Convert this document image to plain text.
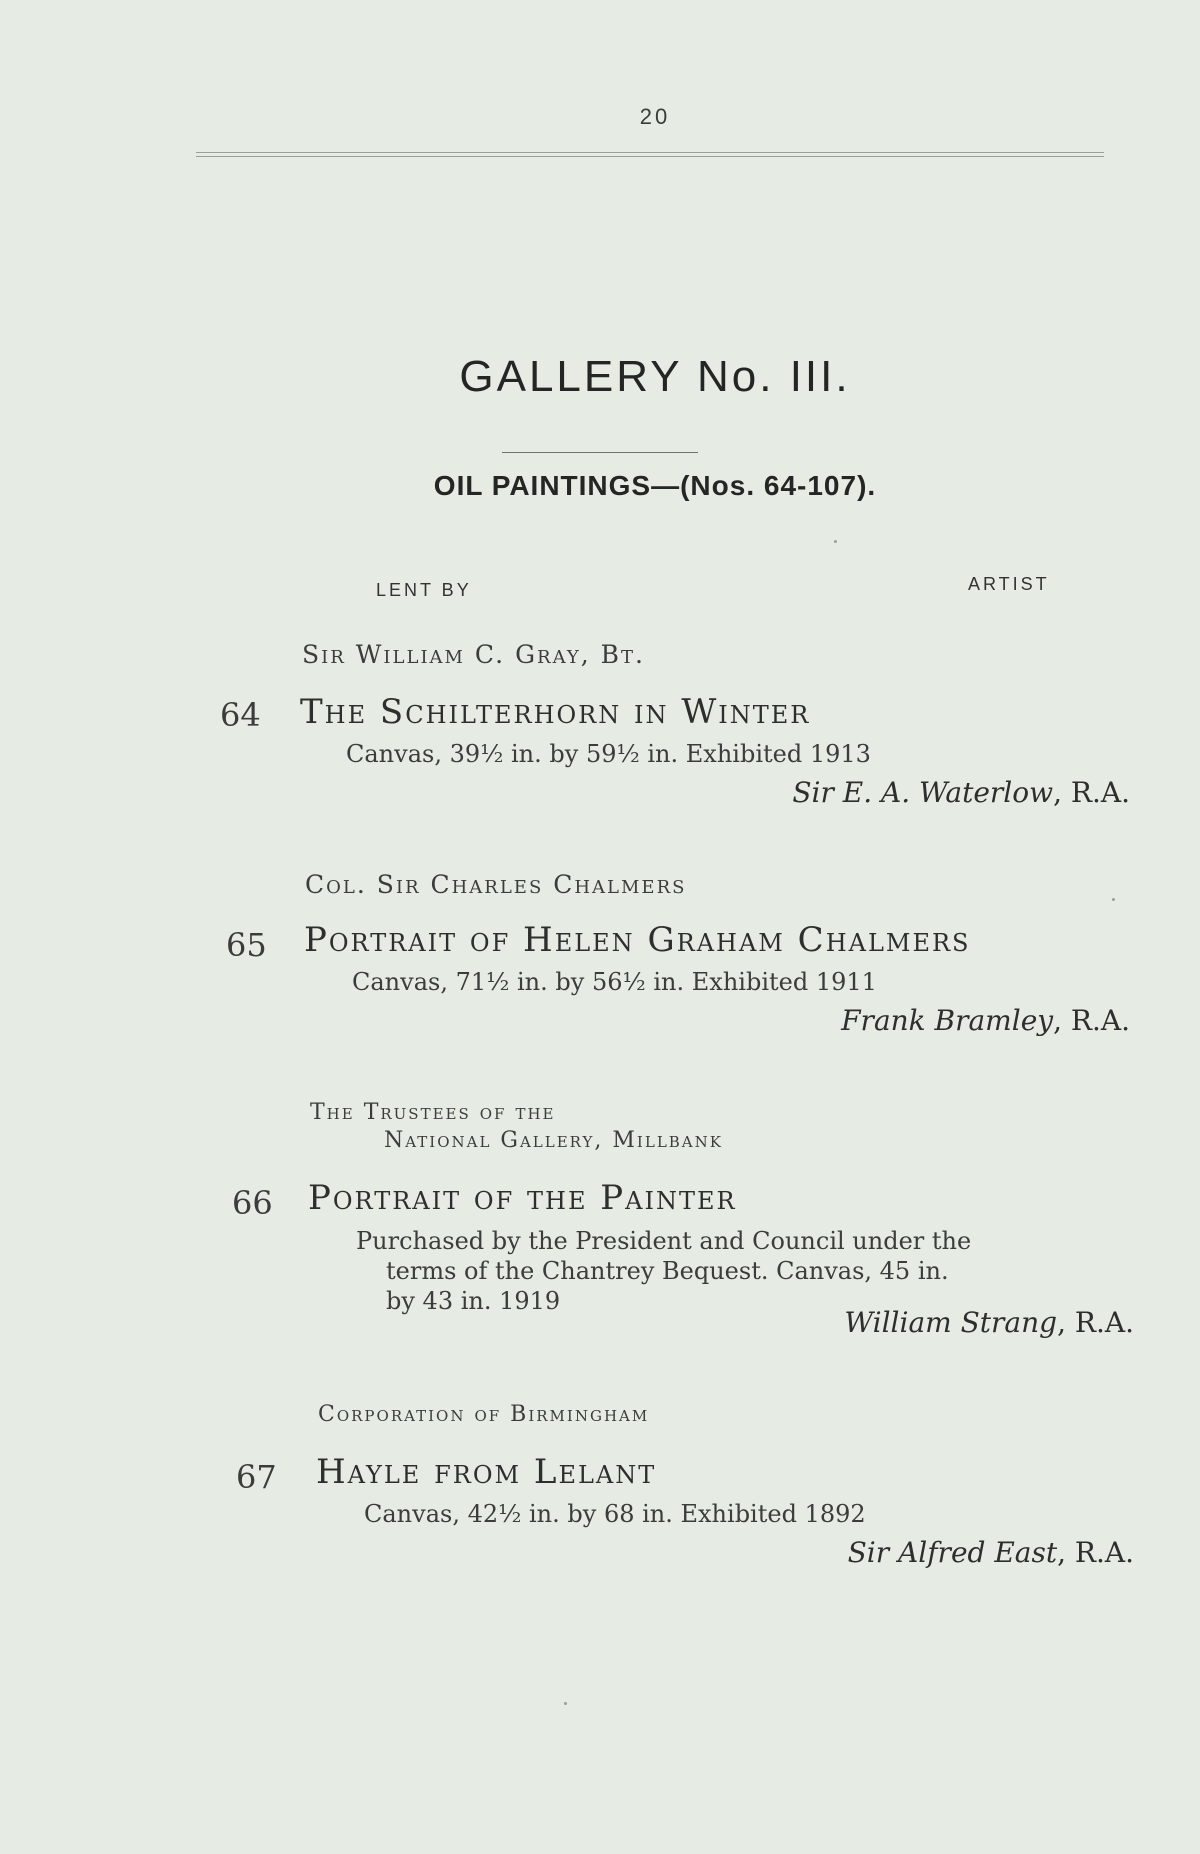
20
GALLERY No. III.
OIL PAINTINGS—(Nos. 64-107).
LENT BY	ARTIST
Sir William C. Gray, Bt.
64 The Schilterhorn in Winter
Canvas, 39½ in. by 59½ in. Exhibited 1913
Sir E. A. Waterlow, R.A.
Col. Sir Charles Chalmers
65 Portrait of Helen Graham Chalmers
Canvas, 71½ in. by 56½ in. Exhibited 1911
Frank Bramley, R.A.
The Trustees of the
National Gallery, Millbank
66 Portrait of the Painter
Purchased by the President and Council under the
terms of the Chantrey Bequest. Canvas, 45 in.
by 43 in. 1919
William Strang, R.A.
Corporation of Birmingham
67 Hayle from Lelant
Canvas, 42½ in. by 68 in. Exhibited 1892
Sir Alfred East, R.A.
